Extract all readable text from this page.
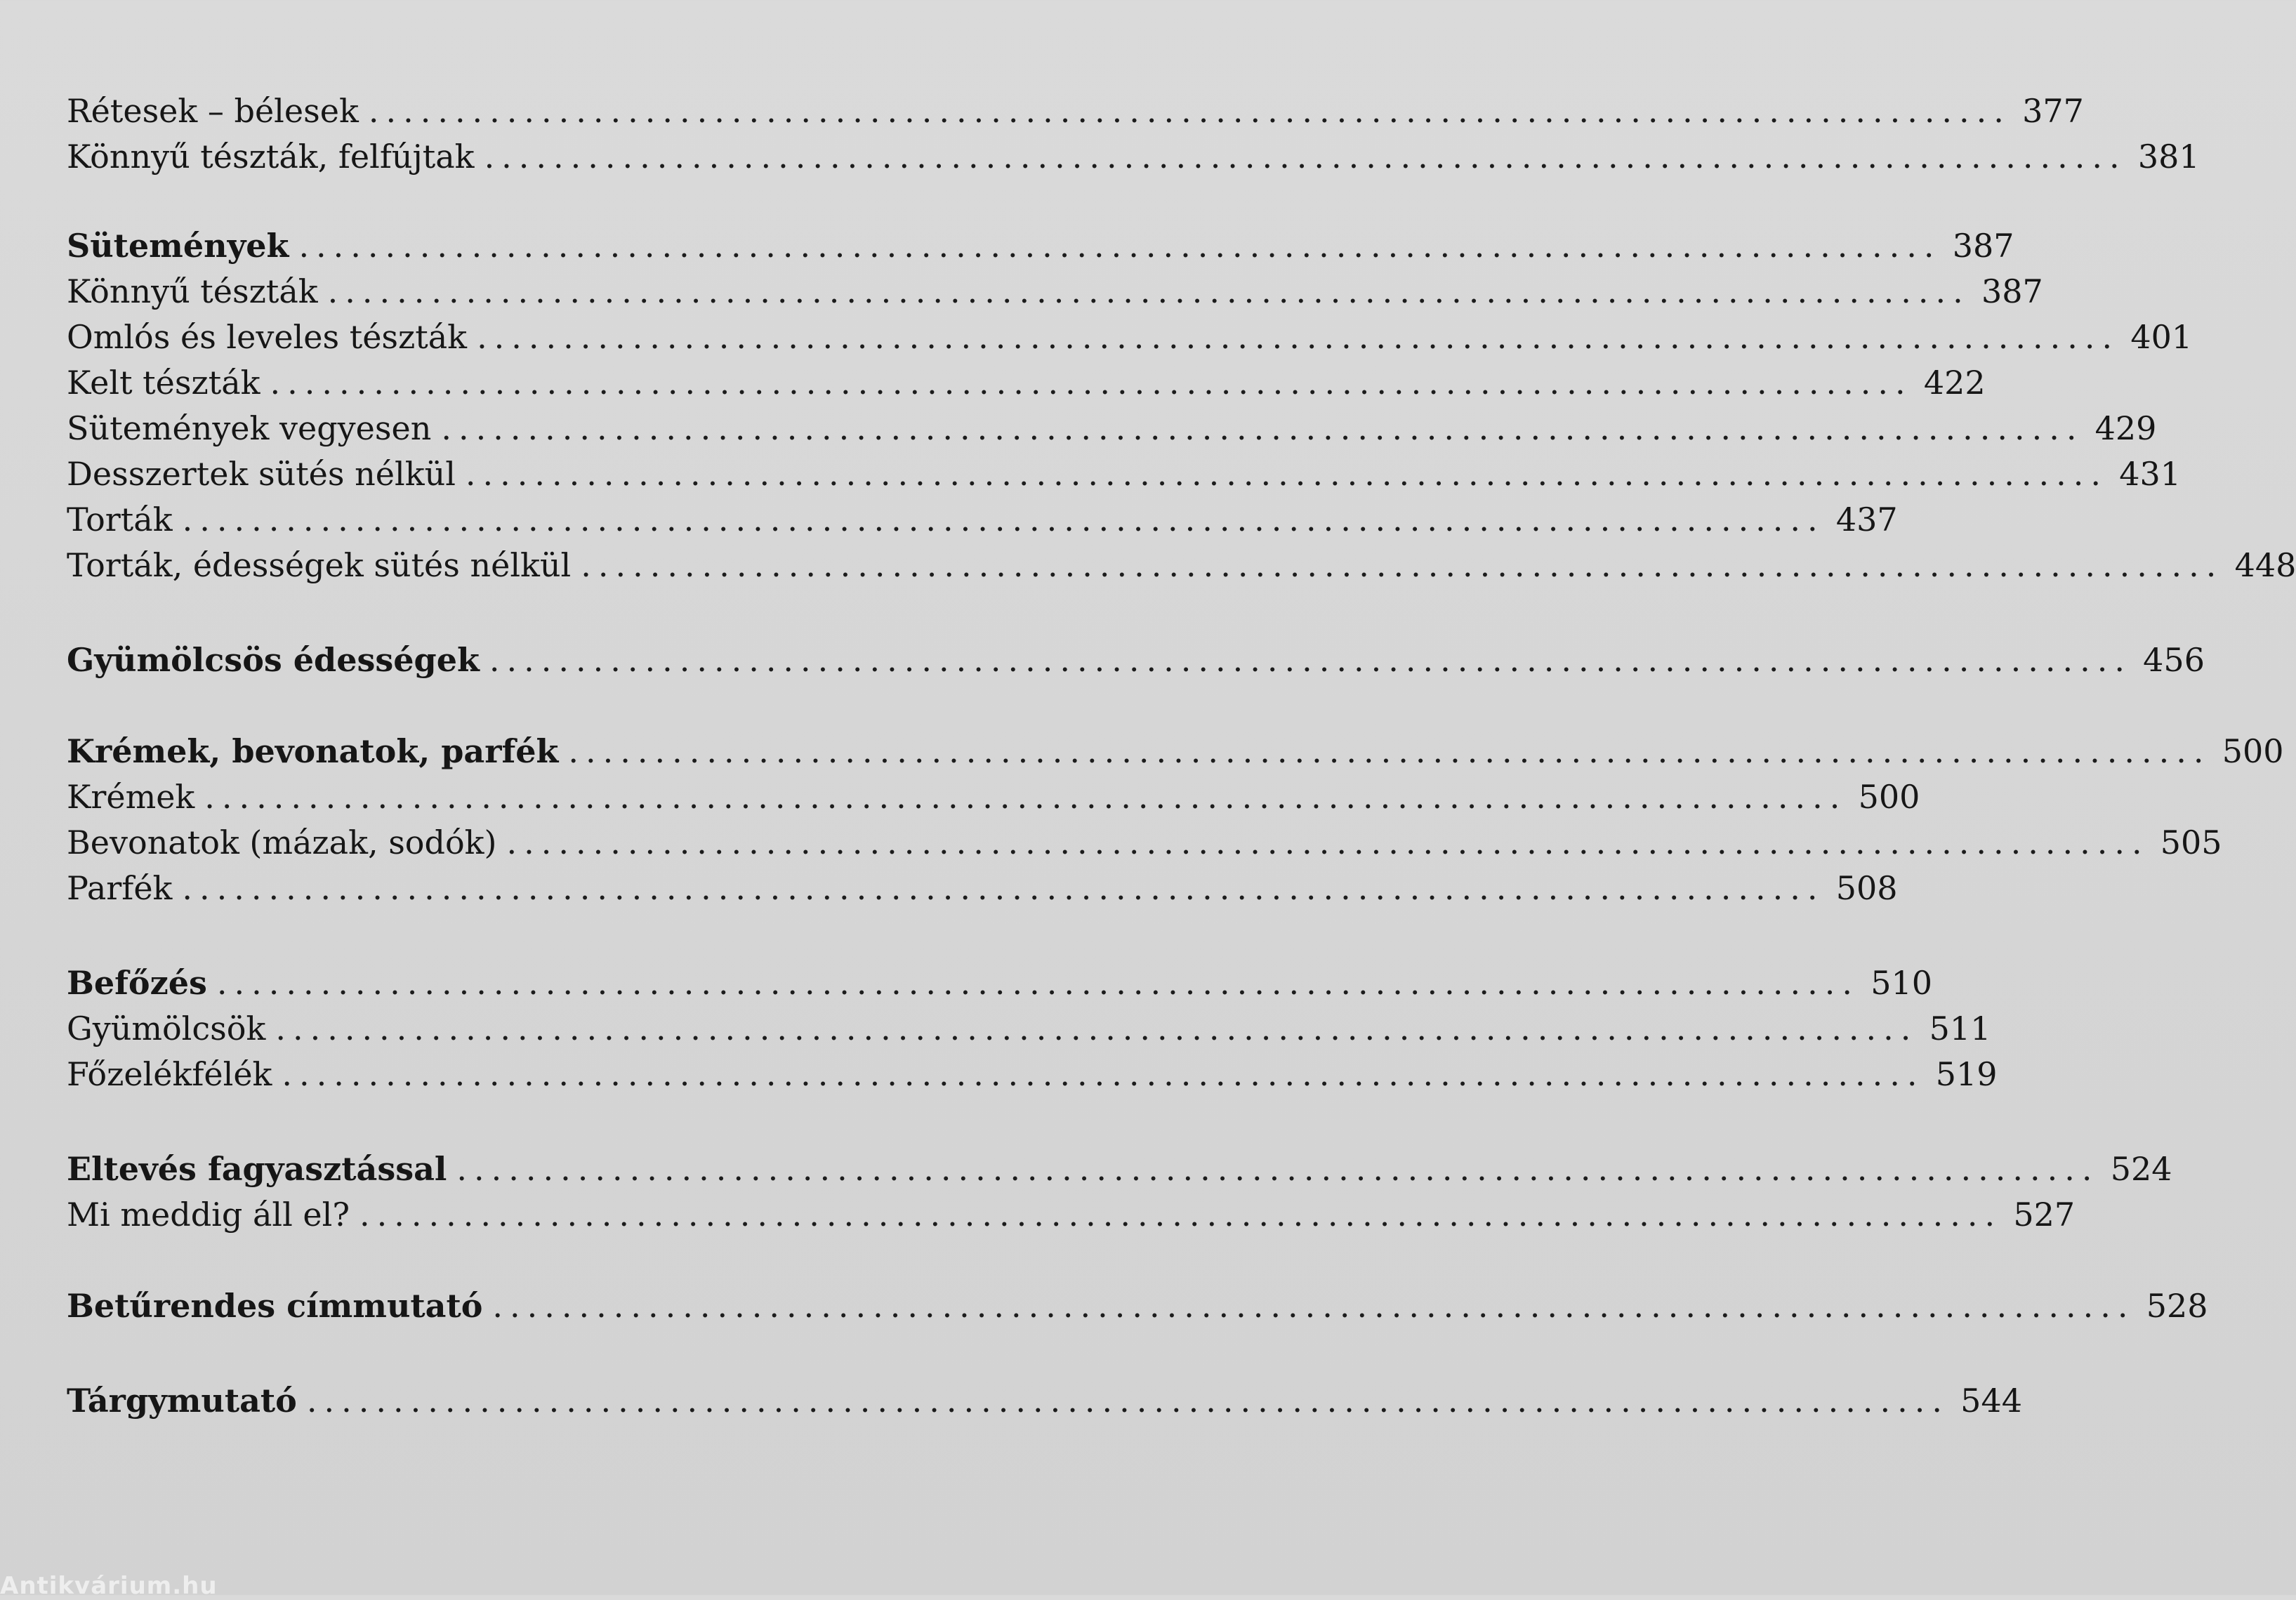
Rétesek – bélesek ............................................................................................... 377
Könnyű tészták, felfújtak ............................................................................................... 381
Sütemények ............................................................................................... 387
Könnyű tészták ............................................................................................... 387
Omlós és leveles tészták ............................................................................................... 401
Kelt tészták ............................................................................................... 422
Sütemények vegyesen ............................................................................................... 429
Desszertek sütés nélkül ............................................................................................... 431
Torták ............................................................................................... 437
Torták, édességek sütés nélkül ............................................................................................... 448
Gyümölcsös édességek ............................................................................................... 456
Krémek, bevonatok, parfék ............................................................................................... 500
Krémek ............................................................................................... 500
Bevonatok (mázak, sodók) ............................................................................................... 505
Parfék ............................................................................................... 508
Befőzés ............................................................................................... 510
Gyümölcsök ............................................................................................... 511
Főzelékfélék ............................................................................................... 519
Eltevés fagyasztással ............................................................................................... 524
Mi meddig áll el? ............................................................................................... 527
Betűrendes címmutató ............................................................................................... 528
Tárgymutató ............................................................................................... 544
Antikvárium.hu
